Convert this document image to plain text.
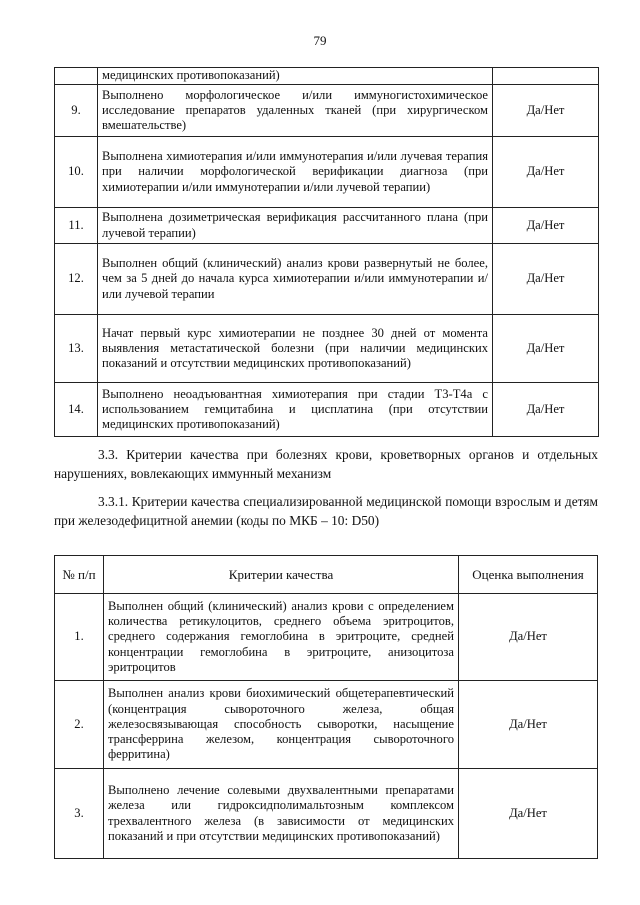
79
	медицинских противопоказаний)	
9.	Выполнено морфологическое и/или иммуногистохимическое исследование препаратов удаленных тканей (при хирургическом вмешательстве)	Да/Нет
10.	Выполнена химиотерапия и/или иммунотерапия и/или лучевая терапия при наличии морфологической верификации диагноза (при химиотерапии и/или иммунотерапии и/или лучевой терапии)	Да/Нет
11.	Выполнена дозиметрическая верификация рассчитанного плана (при лучевой терапии)	Да/Нет
12.	Выполнен общий (клинический) анализ крови развернутый не более, чем за 5 дней до начала курса химиотерапии и/или иммунотерапии и/или лучевой терапии	Да/Нет
13.	Начат первый курс химиотерапии не позднее 30 дней от момента выявления метастатической болезни (при наличии медицинских показаний и отсутствии медицинских противопоказаний)	Да/Нет
14.	Выполнено неоадъювантная химиотерапия при стадии T3-T4a с использованием гемцитабина и цисплатина (при отсутствии медицинских противопоказаний)	Да/Нет

3.3. Критерии качества при болезнях крови, кроветворных органов и отдельных нарушениях, вовлекающих иммунный механизм

3.3.1. Критерии качества специализированной медицинской помощи взрослым и детям при железодефицитной анемии (коды по МКБ – 10: D50)

№ п/п	Критерии качества	Оценка выполнения
1.	Выполнен общий (клинический) анализ крови с определением количества ретикулоцитов, среднего объема эритроцитов, среднего содержания гемоглобина в эритроците, средней концентрации гемоглобина в эритроците, анизоцитоза эритроцитов	Да/Нет
2.	Выполнен анализ крови биохимический общетерапевтический (концентрация сывороточного железа, общая железосвязывающая способность сыворотки, насыщение трансферрина железом, концентрация сывороточного ферритина)	Да/Нет
3.	Выполнено лечение солевыми двухвалентными препаратами железа или гидроксидполимальтозным комплексом трехвалентного железа (в зависимости от медицинских показаний и при отсутствии медицинских противопоказаний)	Да/Нет
